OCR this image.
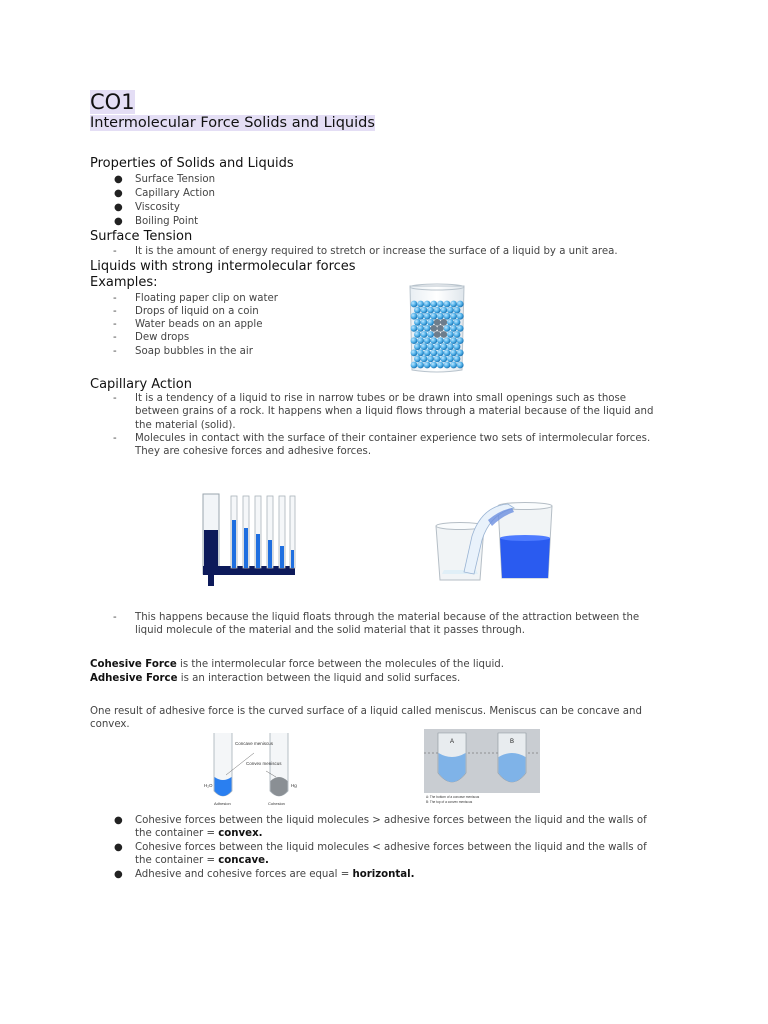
CO1
Intermolecular Force Solids and Liquids
Properties of Solids and Liquids
●	Surface Tension
●	Capillary Action
●	Viscosity
●	Boiling Point
Surface Tension
-	It is the amount of energy required to stretch or increase the surface of a liquid by a unit area.
Liquids with strong intermolecular forces
Examples:
-	Floating paper clip on water
-	Drops of liquid on a coin
-	Water beads on an apple
-	Dew drops
-	Soap bubbles in the air
Capillary Action
-	It is a tendency of a liquid to rise in narrow tubes or be drawn into small openings such as those between grains of a rock. It happens when a liquid flows through a material because of the liquid and the material (solid).
-	Molecules in contact with the surface of their container experience two sets of intermolecular forces. They are cohesive forces and adhesive forces.
-	This happens because the liquid floats through the material because of the attraction between the liquid molecule of the material and the solid material that it passes through.
Cohesive Force is the intermolecular force between the molecules of the liquid.
Adhesive Force is an interaction between the liquid and solid surfaces.
One result of adhesive force is the curved surface of a liquid called meniscus. Meniscus can be concave and convex.
Concave meniscus
Convex meniscus
H₂O	Hg
Adhesion	Cohesion
A	B
A: The bottom of a concave meniscus
B: The top of a convex meniscus
●	Cohesive forces between the liquid molecules > adhesive forces between the liquid and the walls of the container = convex.
●	Cohesive forces between the liquid molecules < adhesive forces between the liquid and the walls of the container = concave.
●	Adhesive and cohesive forces are equal = horizontal.
